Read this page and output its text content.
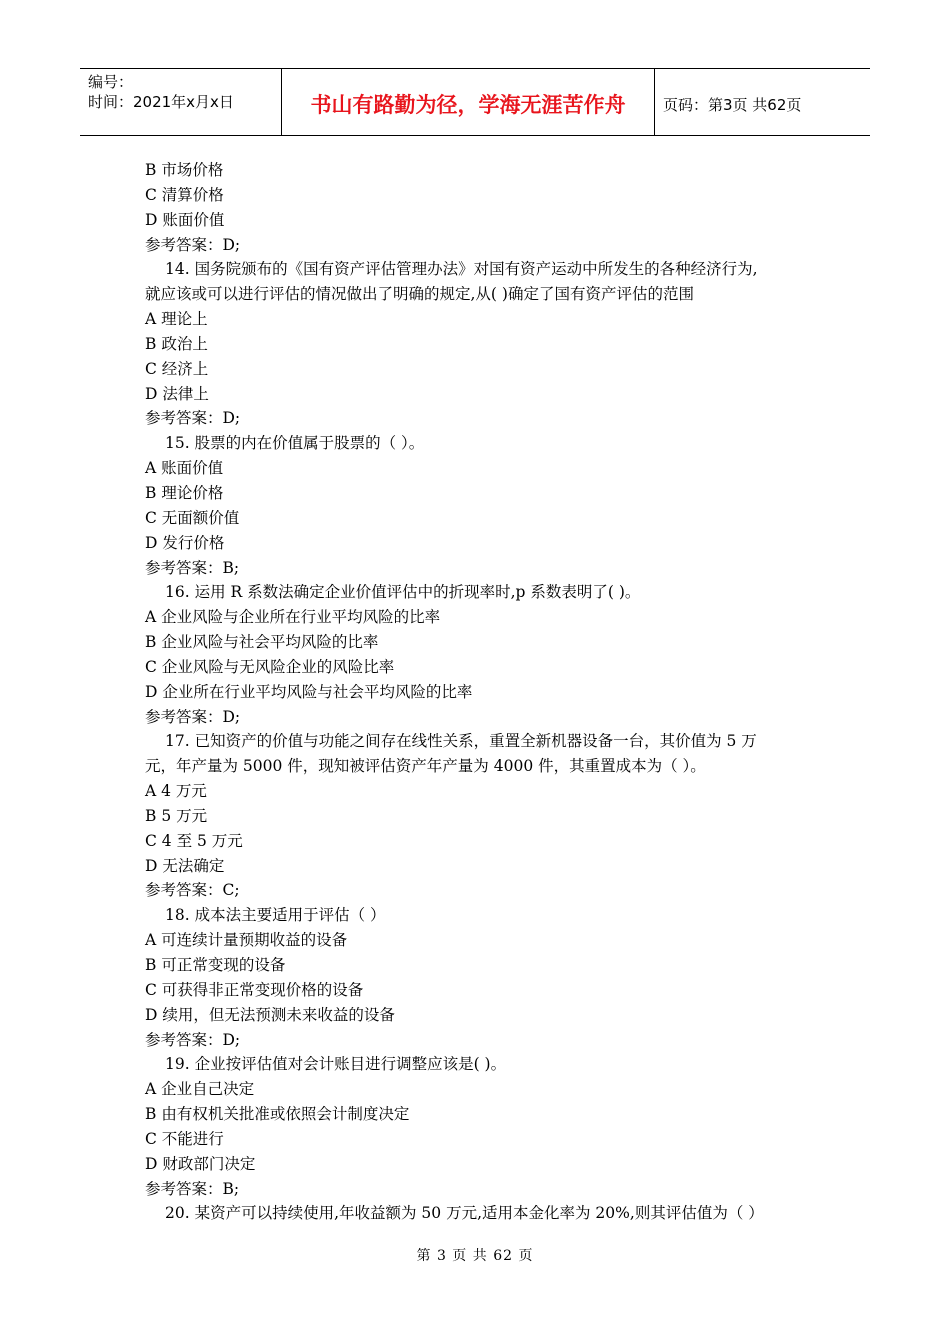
编号：
时间：2021年x月x日	书山有路勤为径，学海无涯苦作舟	页码：第3页 共62页
B 市场价格
C 清算价格
D 账面价值
参考答案：D;
14. 国务院颁布的《国有资产评估管理办法》对国有资产运动中所发生的各种经济行为,
就应该或可以进行评估的情况做出了明确的规定,从( )确定了国有资产评估的范围
A 理论上
B 政治上
C 经济上
D 法律上
参考答案：D;
15. 股票的内在价值属于股票的（ ）。
A 账面价值
B 理论价格
C 无面额价值
D 发行价格
参考答案：B;
16. 运用 R 系数法确定企业价值评估中的折现率时,p 系数表明了( )。
A 企业风险与企业所在行业平均风险的比率
B 企业风险与社会平均风险的比率
C 企业风险与无风险企业的风险比率
D 企业所在行业平均风险与社会平均风险的比率
参考答案：D;
17. 已知资产的价值与功能之间存在线性关系，重置全新机器设备一台，其价值为 5 万
元，年产量为 5000 件，现知被评估资产年产量为 4000 件，其重置成本为（ ）。
A 4 万元
B 5 万元
C 4 至 5 万元
D 无法确定
参考答案：C;
18. 成本法主要适用于评估（ ）
A 可连续计量预期收益的设备
B 可正常变现的设备
C 可获得非正常变现价格的设备
D 续用，但无法预测未来收益的设备
参考答案：D;
19. 企业按评估值对会计账目进行调整应该是( )。
A 企业自己决定
B 由有权机关批准或依照会计制度决定
C 不能进行
D 财政部门决定
参考答案：B;
20. 某资产可以持续使用,年收益额为 50 万元,适用本金化率为 20%,则其评估值为（ ）
第 3 页 共 62 页
